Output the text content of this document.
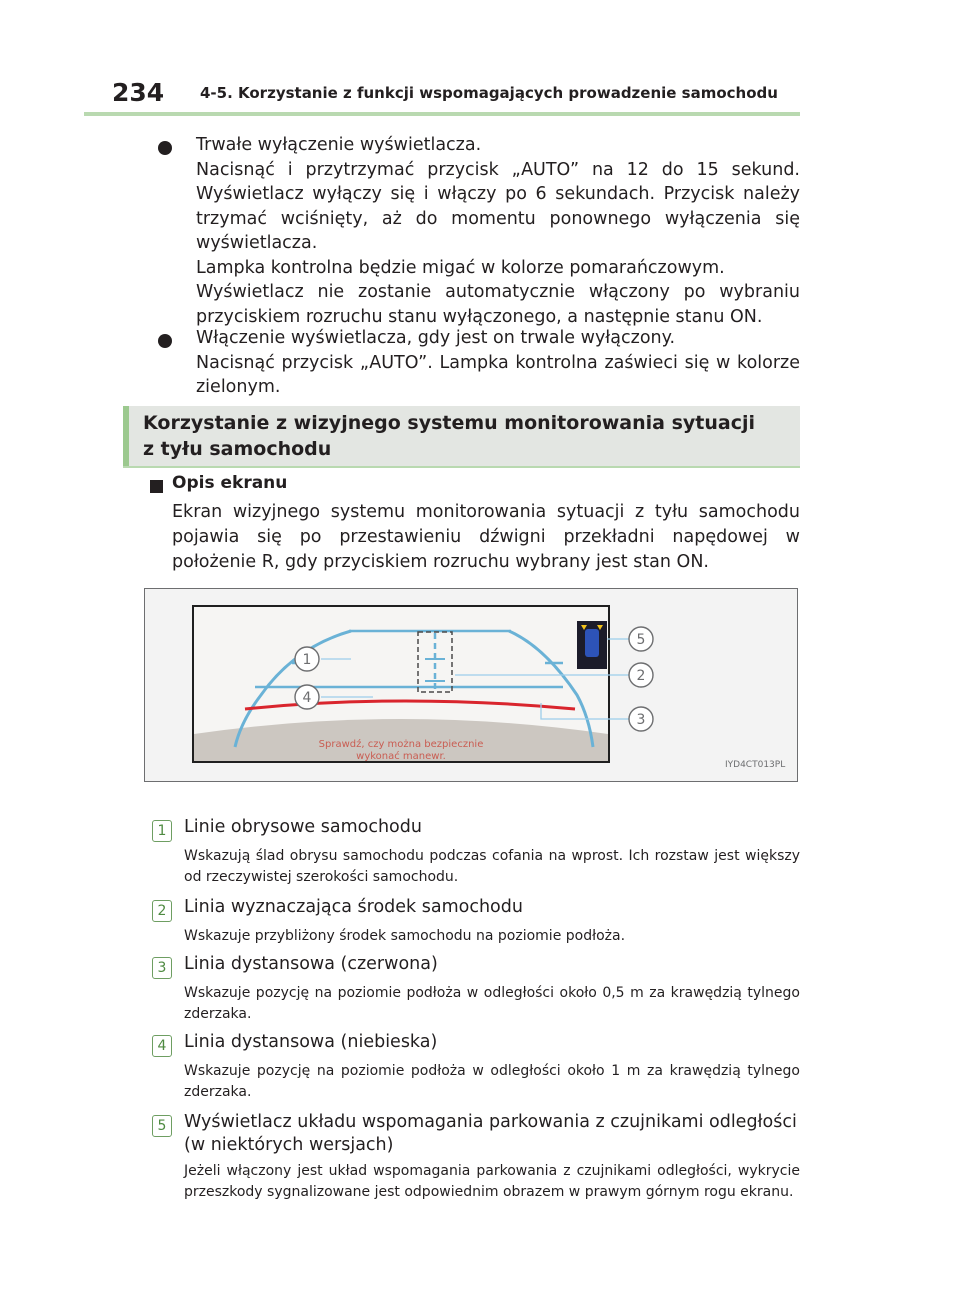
234 4-5. Korzystanie z funkcji wspomagających prowadzenie samochodu
Trwałe wyłączenie wyświetlacza.
Nacisnąć i przytrzymać przycisk „AUTO” na 12 do 15 sekund. Wyświetlacz wyłączy się i włączy po 6 sekundach. Przycisk należy trzymać wciśnięty, aż do momentu ponownego wyłączenia się wyświetlacza.
Lampka kontrolna będzie migać w kolorze pomarańczowym.
Wyświetlacz nie zostanie automatycznie włączony po wybraniu przyciskiem rozruchu stanu wyłączonego, a następnie stanu ON.
Włączenie wyświetlacza, gdy jest on trwale wyłączony.
Nacisnąć przycisk „AUTO”. Lampka kontrolna zaświeci się w kolorze zielonym.
Korzystanie z wizyjnego systemu monitorowania sytuacji
z tyłu samochodu
Opis ekranu
Ekran wizyjnego systemu monitorowania sytuacji z tyłu samochodu pojawia się po przestawieniu dźwigni przekładni napędowej w położenie R, gdy przyciskiem rozruchu wybrany jest stan ON.
Sprawdź, czy można bezpiecznie
wykonać manewr.
1
2
3
4
5
IYD4CT013PL
1	Linie obrysowe samochodu
Wskazują ślad obrysu samochodu podczas cofania na wprost. Ich rozstaw jest większy od rzeczywistej szerokości samochodu.
2	Linia wyznaczająca środek samochodu
Wskazuje przybliżony środek samochodu na poziomie podłoża.
3	Linia dystansowa (czerwona)
Wskazuje pozycję na poziomie podłoża w odległości około 0,5 m za krawędzią tylnego zderzaka.
4	Linia dystansowa (niebieska)
Wskazuje pozycję na poziomie podłoża w odległości około 1 m za krawędzią tylnego zderzaka.
5	Wyświetlacz układu wspomagania parkowania z czujnikami odległości (w niektórych wersjach)
Jeżeli włączony jest układ wspomagania parkowania z czujnikami odległości, wykrycie przeszkody sygnalizowane jest odpowiednim obrazem w prawym górnym rogu ekranu.
